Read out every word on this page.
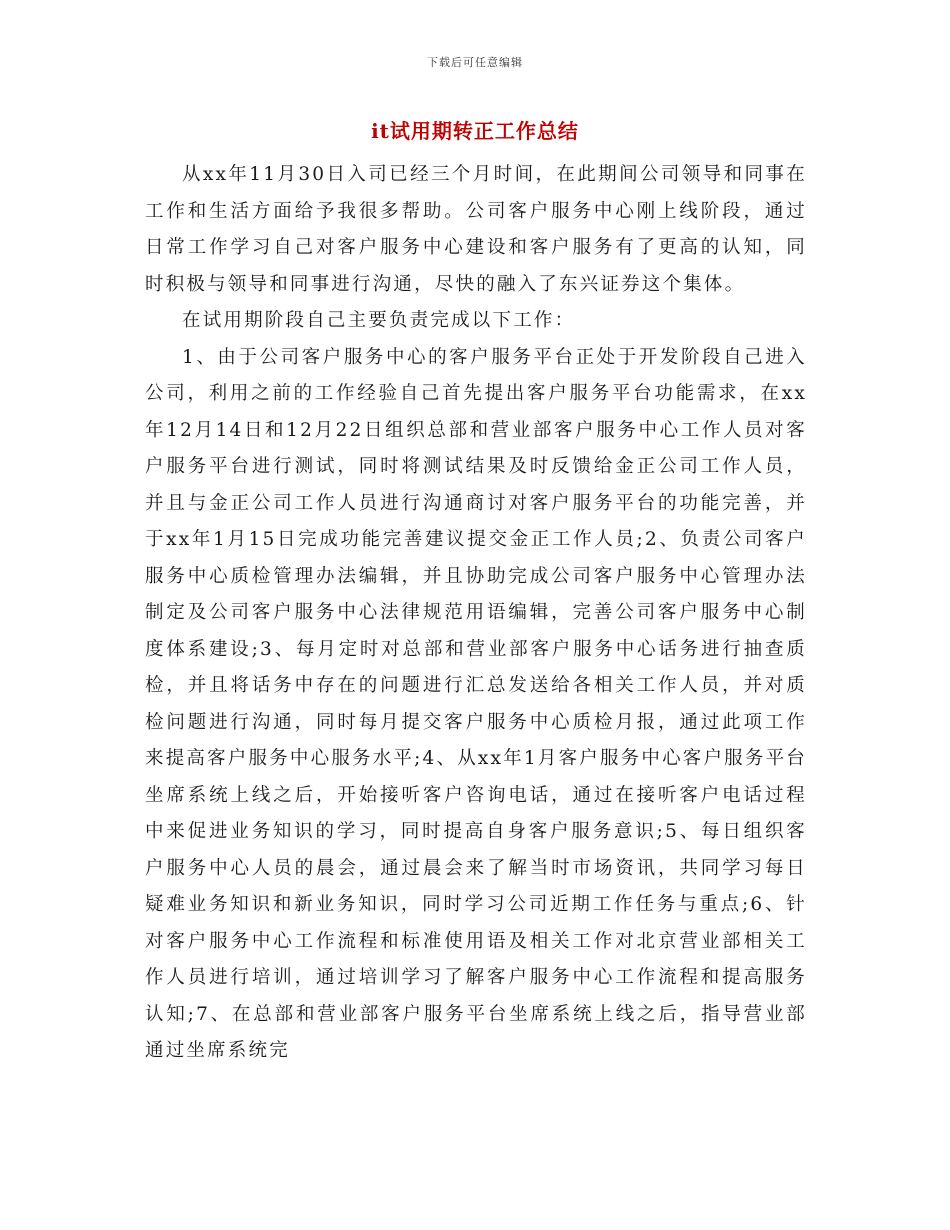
下载后可任意编辑
it试用期转正工作总结

从xx年11月30日入司已经三个月时间，在此期间公司领导和同事在工作和生活方面给予我很多帮助。公司客户服务中心刚上线阶段，通过日常工作学习自己对客户服务中心建设和客户服务有了更高的认知，同时积极与领导和同事进行沟通，尽快的融入了东兴证券这个集体。

在试用期阶段自己主要负责完成以下工作：

1、由于公司客户服务中心的客户服务平台正处于开发阶段自己进入公司，利用之前的工作经验自己首先提出客户服务平台功能需求，在xx年12月14日和12月22日组织总部和营业部客户服务中心工作人员对客户服务平台进行测试，同时将测试结果及时反馈给金正公司工作人员，并且与金正公司工作人员进行沟通商讨对客户服务平台的功能完善，并于xx年1月15日完成功能完善建议提交金正工作人员;2、负责公司客户服务中心质检管理办法编辑，并且协助完成公司客户服务中心管理办法制定及公司客户服务中心法律规范用语编辑，完善公司客户服务中心制度体系建设;3、每月定时对总部和营业部客户服务中心话务进行抽查质检，并且将话务中存在的问题进行汇总发送给各相关工作人员，并对质检问题进行沟通，同时每月提交客户服务中心质检月报，通过此项工作来提高客户服务中心服务水平;4、从xx年1月客户服务中心客户服务平台坐席系统上线之后，开始接听客户咨询电话，通过在接听客户电话过程中来促进业务知识的学习，同时提高自身客户服务意识;5、每日组织客户服务中心人员的晨会，通过晨会来了解当时市场资讯，共同学习每日疑难业务知识和新业务知识，同时学习公司近期工作任务与重点;6、针对客户服务中心工作流程和标准使用语及相关工作对北京营业部相关工作人员进行培训，通过培训学习了解客户服务中心工作流程和提高服务认知;7、在总部和营业部客户服务平台坐席系统上线之后，指导营业部通过坐席系统完
